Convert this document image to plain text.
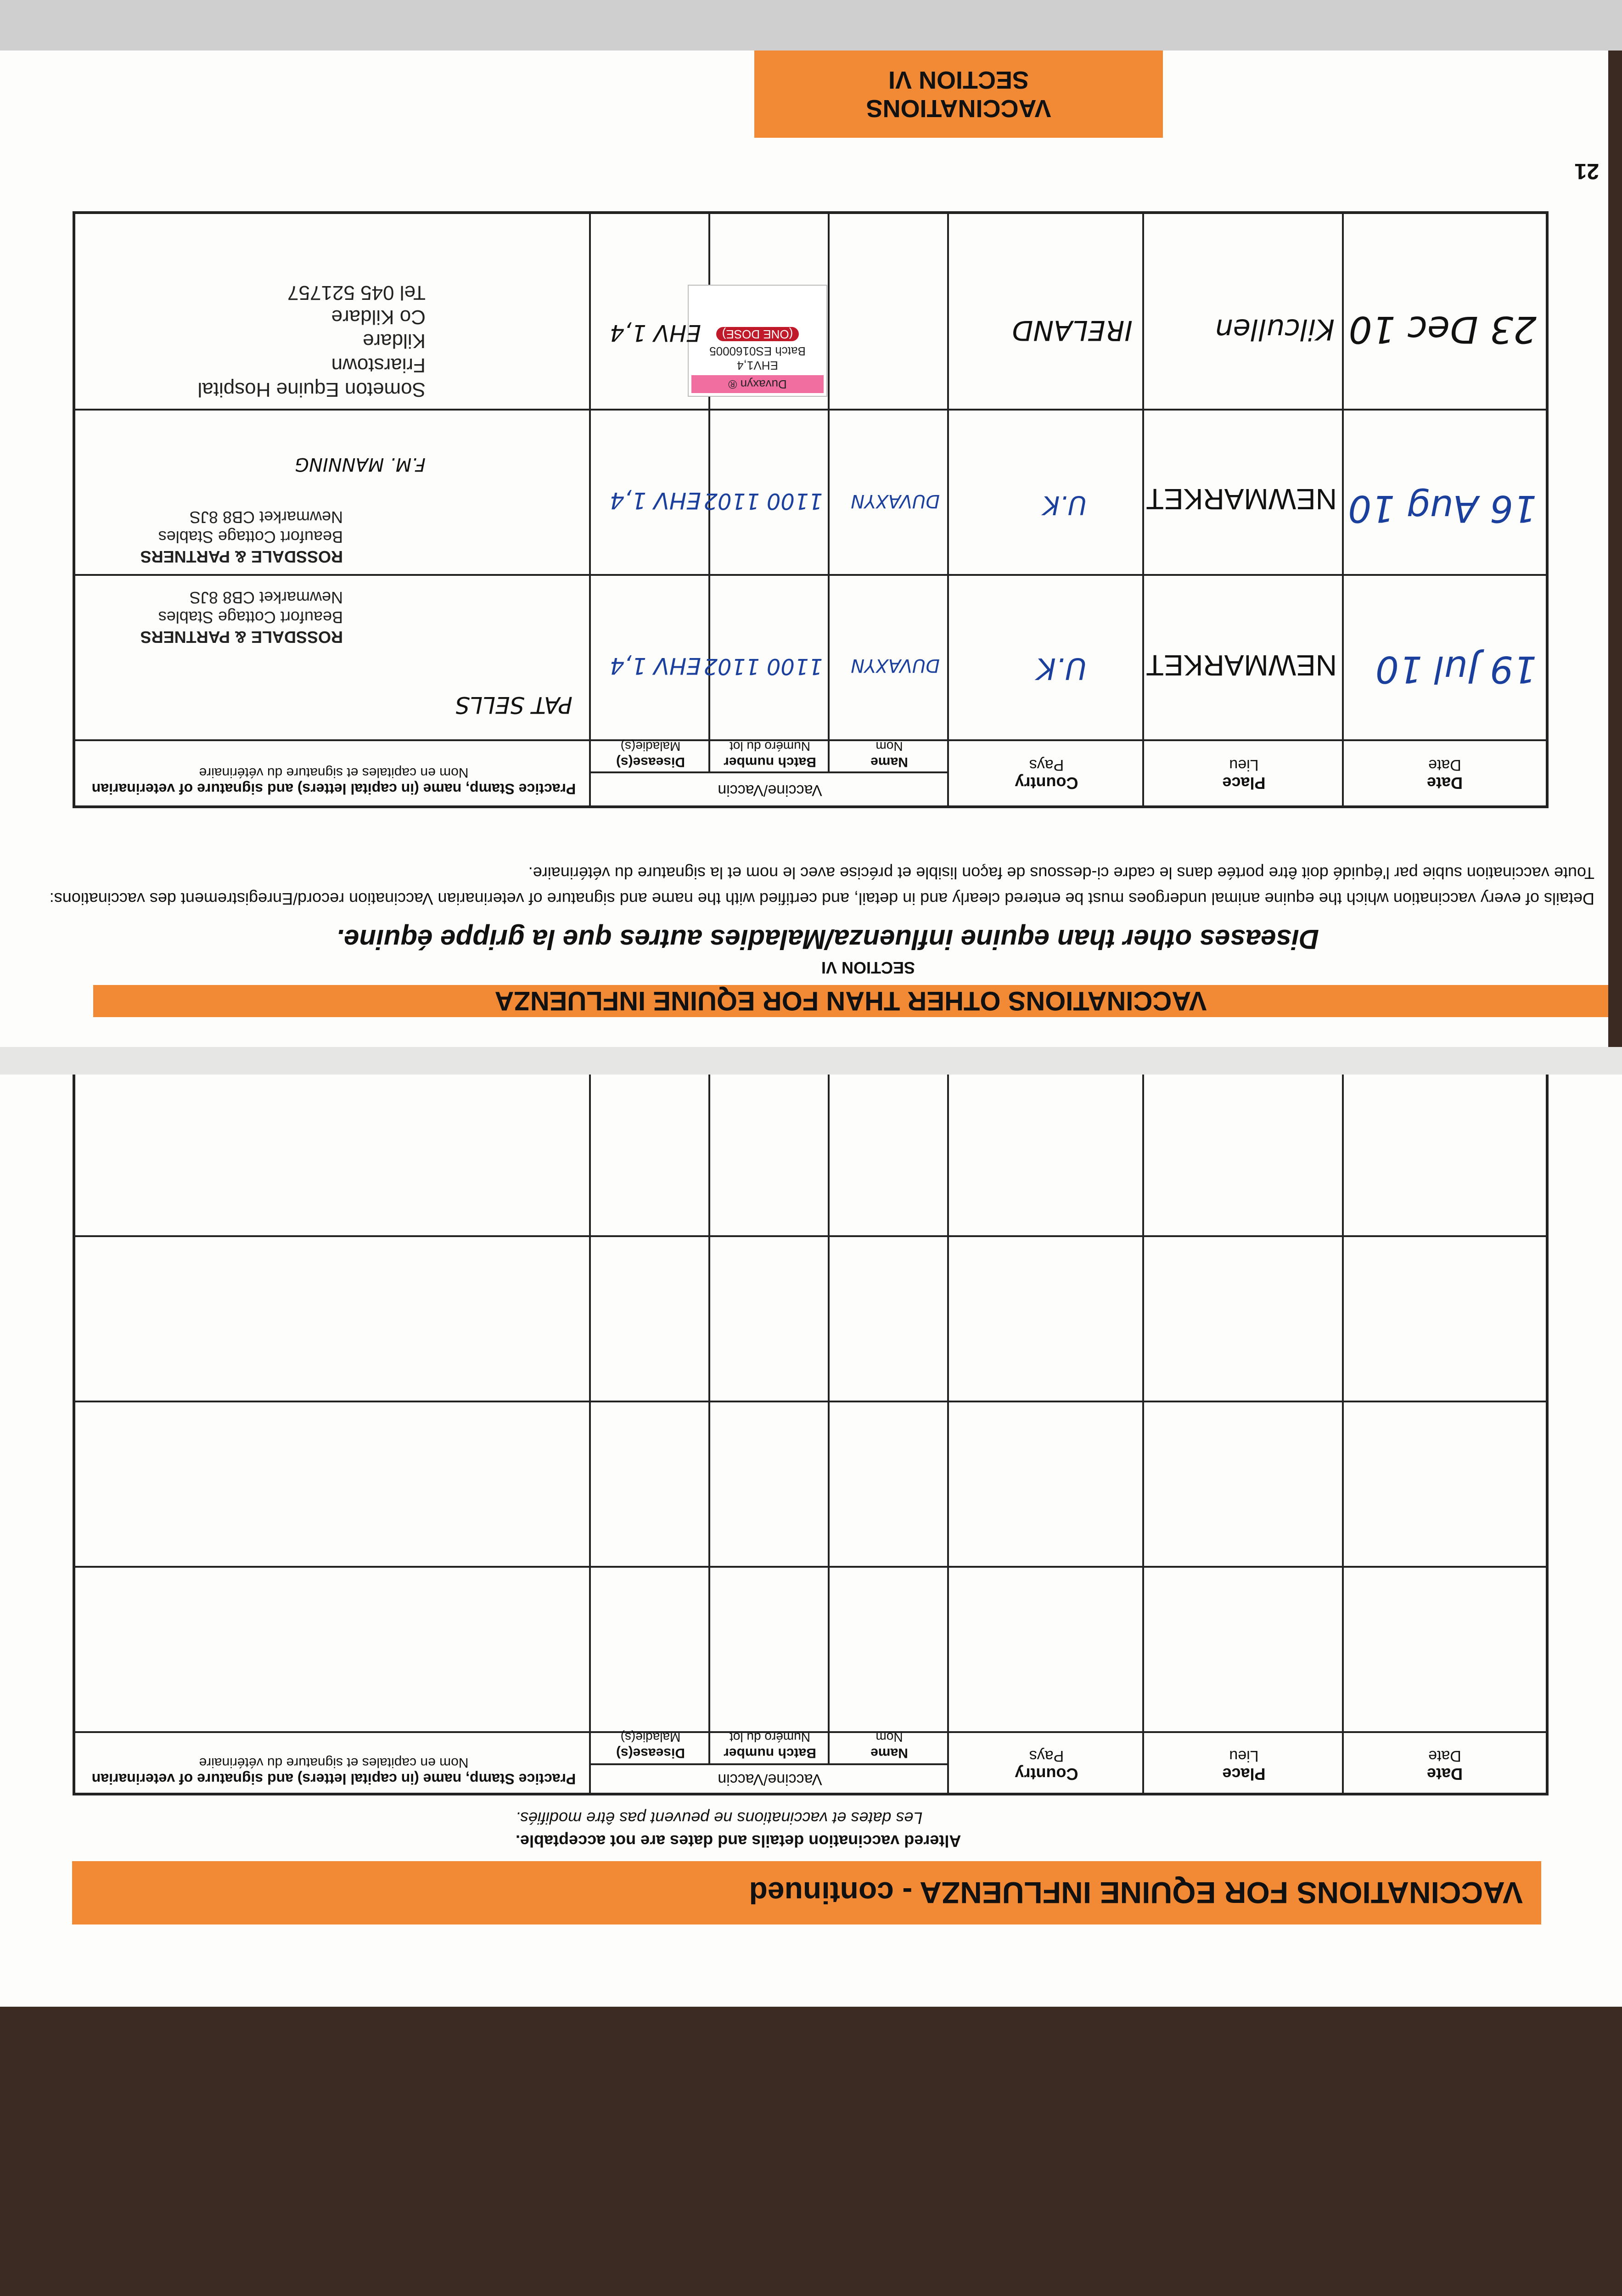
VACCINATIONS FOR EQUINE INFLUENZA - continued
Altered vaccination details and dates are not acceptable.
Les dates et vaccinations ne peuvent pas être modifiés.
Date
Date
Place
Lieu
Country
Pays
Vaccine/Vaccin
Name
Nom
Batch number
Numéro du lot
Disease(s)
Maladie(s)
Practice Stamp, name (in capital letters) and signature of veterinarian
Nom en capitales et signature du vétérinaire
VACCINATIONS OTHER THAN FOR EQUINE INFLUENZA
SECTION VI
Diseases other than equine influenza/Maladies autres que la grippe équine.
Details of every vaccination which the equine animal undergoes must be entered clearly and in detail, and certified with the name and signature of veterinarian Vaccination record/Enregistrement des vaccinations: Toute vaccination subie par l'équidé doit être portée dans le cadre ci-dessous de façon lisible et précise avec le nom et la signature du vétérinaire.
Date
Date
Place
Lieu
Country
Pays
Vaccine/Vaccin
Name
Nom
Batch number
Numéro du lot
Disease(s)
Maladie(s)
Practice Stamp, name (in capital letters) and signature of veterinarian
Nom en capitales et signature du vétérinaire
19 Jul 10
NEWMARKET
U.K
DUVAXYN
1100 1102
EHV 1,4
PAT SELLS
ROSSDALE & PARTNERS
Beaufort Cottage Stables
Newmarket CB8 8JS
16 Aug 10
NEWMARKET
U.K
DUVAXYN
1100 1102
EHV 1,4
ROSSDALE & PARTNERS
Beaufort Cottage Stables
Newmarket CB8 8JS
F.M. MANNING
23 Dec 10
Kilcullen
IRELAND
Duvaxyn ®
EHV1,4
Batch ES0160005
(ONE DOSE)
EHV 1,4
Someton Equine Hospital
Friarstown
Kildare
Co Kildare
Tel 045 521757
VACCINATIONS
SECTION VI
21
